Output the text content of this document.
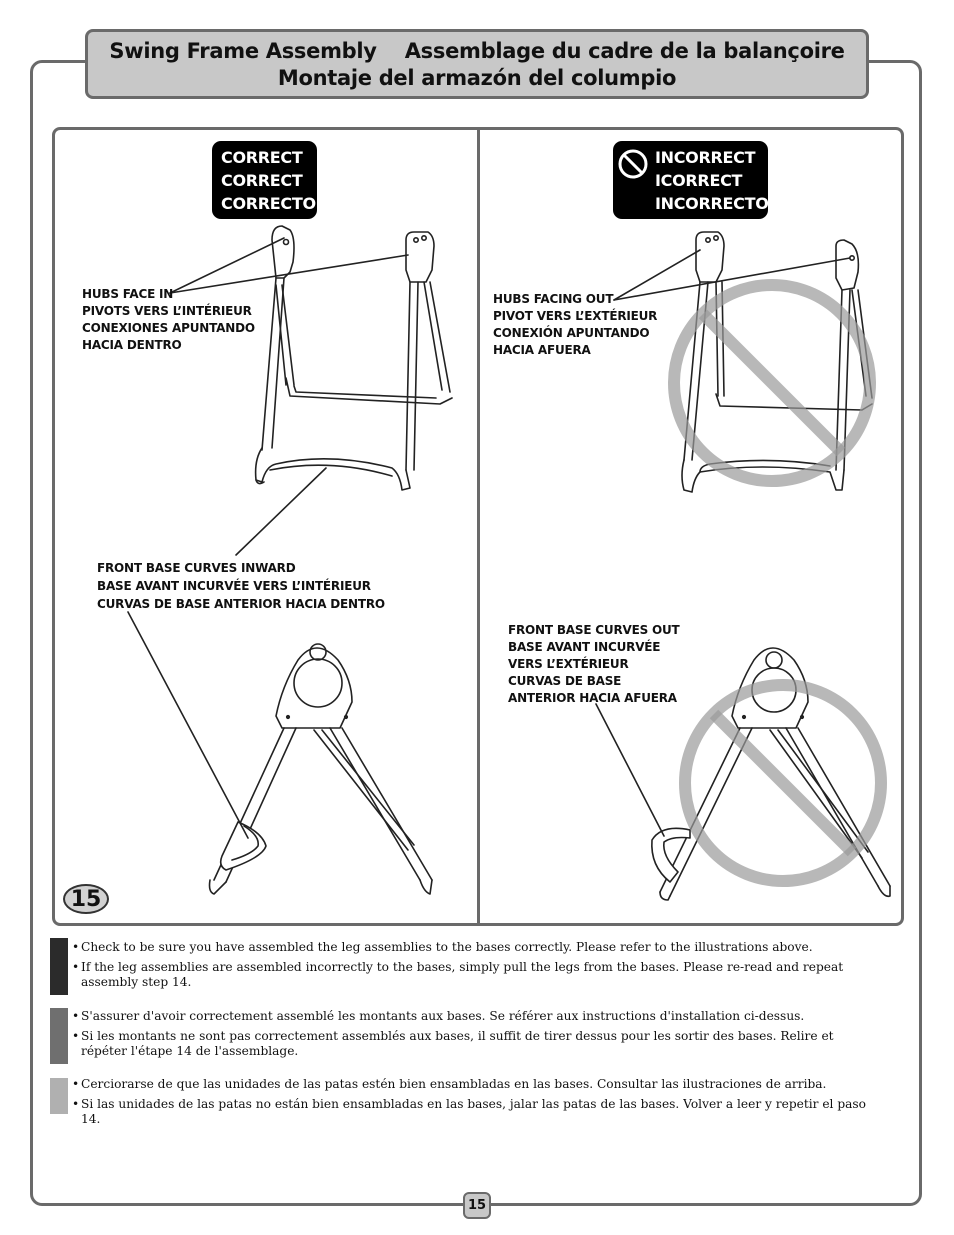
Swing Frame Assembly Assemblage du cadre de la balançoire
Montaje del armazón del columpio
CORRECT
CORRECT
CORRECTO
INCORRECT
ICORRECT
INCORRECTO
HUBS FACE IN
PIVOTS VERS L’INTÉRIEUR
CONEXIONES APUNTANDO
HACIA DENTRO
HUBS FACING OUT
PIVOT VERS L’EXTÉRIEUR
CONEXIÓN APUNTANDO
HACIA AFUERA
FRONT BASE CURVES INWARD
BASE AVANT INCURVÉE VERS L’INTÉRIEUR
CURVAS DE BASE ANTERIOR HACIA DENTRO
FRONT BASE CURVES OUT
BASE AVANT INCURVÉE
VERS L’EXTÉRIEUR
CURVAS DE BASE
ANTERIOR HACIA AFUERA
15
• Check to be sure you have assembled the leg assemblies to the bases correctly. Please refer to the illustrations above.
• If the leg assemblies are assembled incorrectly to the bases, simply pull the legs from the bases. Please re-read and repeat assembly step 14.
• S'assurer d'avoir correctement assemblé les montants aux bases. Se référer aux instructions d'installation ci-dessus.
• Si les montants ne sont pas correctement assemblés aux bases, il suffit de tirer dessus pour les sortir des bases. Relire et répéter l'étape 14 de l'assemblage.
• Cerciorarse de que las unidades de las patas estén bien ensambladas en las bases. Consultar las ilustraciones de arriba.
• Si las unidades de las patas no están bien ensambladas en las bases, jalar las patas de las bases. Volver a leer y repetir el paso 14.
15
